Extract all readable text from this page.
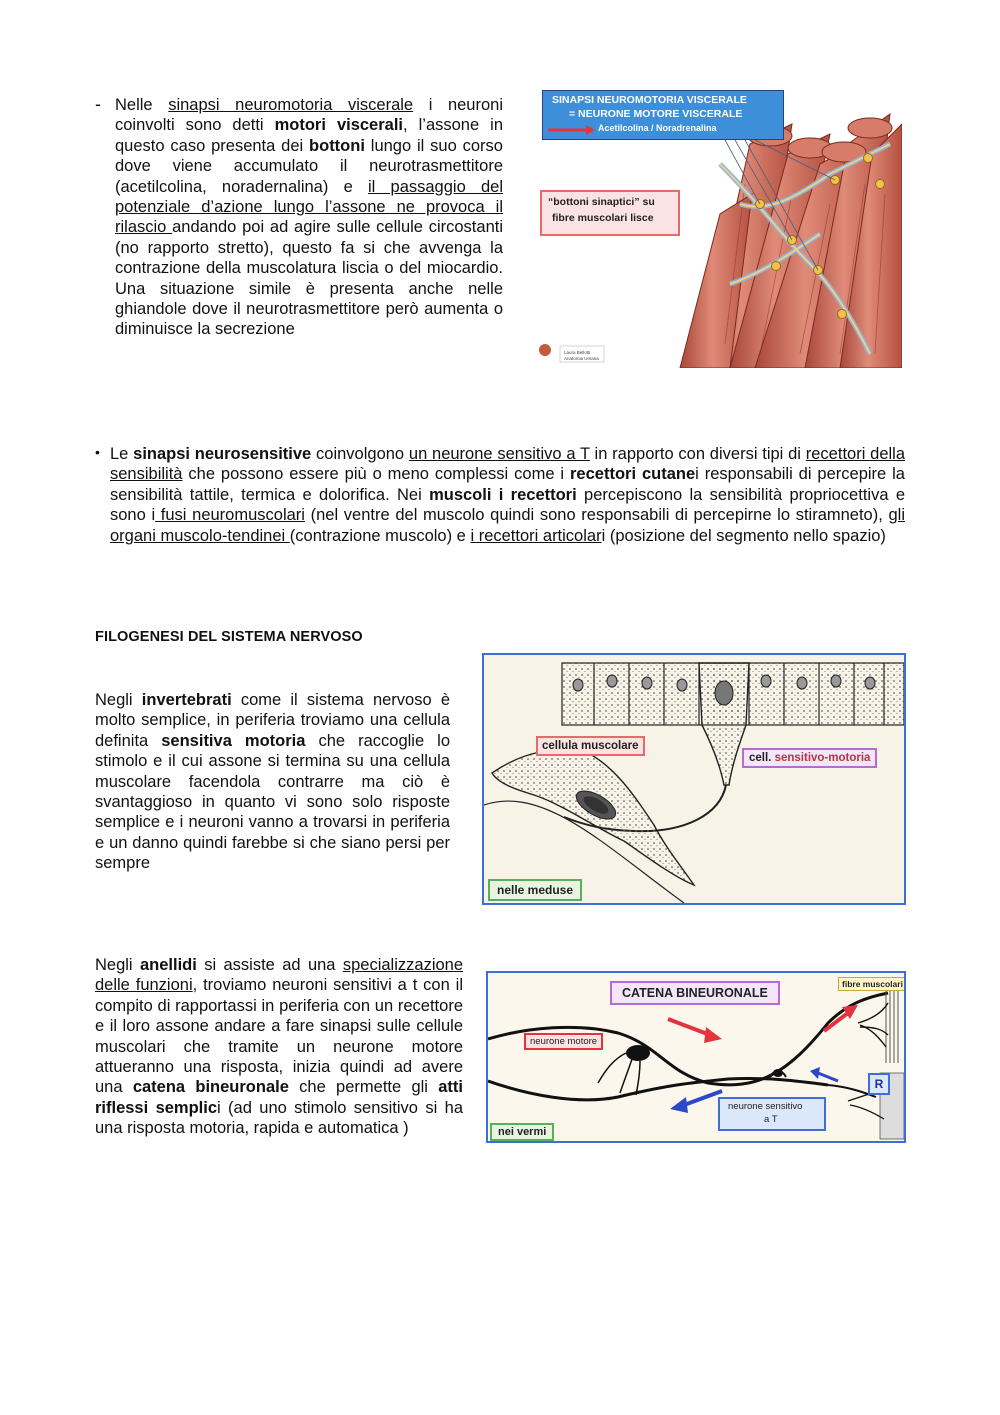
- Nelle sinapsi neuromotoria viscerale i neuroni coinvolti sono detti motori viscerali, l’assone in questo caso presenta dei bottoni lungo il suo corso dove viene accumulato il neurotrasmettitore (acetilcolina, noradernalina) e il passaggio del potenziale d’azione lungo l’assone ne provoca il rilascio andando poi ad agire sulle cellule circostanti (no rapporto stretto), questo fa si che avvenga la contrazione della muscolatura liscia o del miocardio. Una situazione simile è presenta anche nelle ghiandole dove il neurotrasmettitore però aumenta o diminuisce la secrezione
SINAPSI NEUROMOTORIA VISCERALE
= NEURONE MOTORE VISCERALE
Acetilcolina / Noradrenalina
“bottoni sinaptici” su
fibre muscolari lisce
Laura Bellotti
Anatomia Umana
• Le sinapsi neurosensitive coinvolgono un neurone sensitivo a T in rapporto con diversi tipi di recettori della sensibilità che possono essere più o meno complessi come i recettori cutanei responsabili di percepire la sensibilità tattile, termica e dolorifica. Nei muscoli i recettori percepiscono la sensibilità propriocettiva e sono i fusi neuromuscolari (nel ventre del muscolo quindi sono responsabili di percepirne lo stiramneto), gli organi muscolo-tendinei (contrazione muscolo) e i recettori articolari (posizione del segmento nello spazio)
FILOGENESI DEL SISTEMA NERVOSO
Negli invertebrati come il sistema nervoso è molto semplice, in periferia troviamo una cellula definita sensitiva motoria che raccoglie lo stimolo e il cui assone si termina su una cellula muscolare facendola contrarre ma ciò è svantaggioso in quanto vi sono solo risposte semplice e i neuroni vanno a trovarsi in periferia e un danno quindi farebbe si che siano persi per sempre
cellula muscolare
cell. sensitivo-motoria
nelle meduse
Negli anellidi si assiste ad una specializzazione delle funzioni, troviamo neuroni sensitivi a t con il compito di rapportassi in periferia con un recettore e il loro assone andare a fare sinapsi sulle cellule muscolari che tramite un neurone motore attueranno una risposta, inizia quindi ad avere una catena bineuronale che permette gli atti riflessi semplici (ad uno stimolo sensitivo si ha una risposta motoria, rapida e automatica )
CATENA BINEURONALE
fibre muscolari
neurone motore
neurone sensitivo
a T
R
nei vermi
